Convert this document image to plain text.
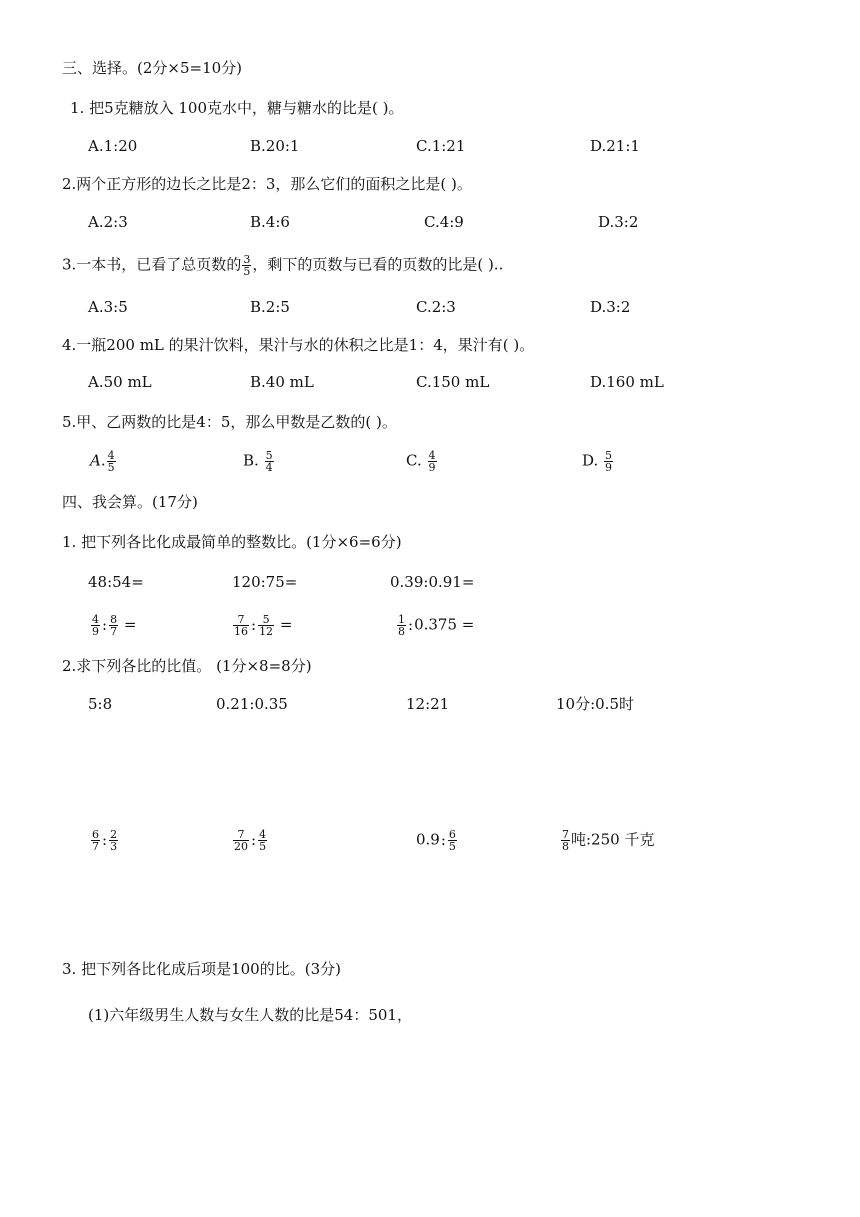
三、选择。(2分×5=10分)
1. 把5克糖放入 100克水中，糖与糖水的比是( )。
A.1:20	B.20:1	C.1:21	D.21:1
2.两个正方形的边长之比是2：3，那么它们的面积之比是( )。
A.2:3	B.4:6	C.4:9	D.3:2
3.一本书，已看了总页数的 $\frac{3}{5}$ ，剩下的页数与已看的页数的比是( )..
A.3:5	B.2:5	C.2:3	D.3:2
4.一瓶200 mL 的果汁饮料，果汁与水的休积之比是1：4，果汁有( )。
A.50 mL	B.40 mL	C.150 mL	D.160 mL
5.甲、乙两数的比是4：5，那么甲数是乙数的( )。
A. $\frac{4}{5}$	B. $\frac{5}{4}$	C. $\frac{4}{9}$	D. $\frac{5}{9}$
四、我会算。(17分)
1. 把下列各比化成最简单的整数比。(1分×6=6分)
48:54=	120:75=	0.39:0.91=
$\frac{4}{9}$ : $\frac{8}{7}$ =	$\frac{7}{16}$ : $\frac{5}{12}$ =	$\frac{1}{8}$ :0.375 =
2.求下列各比的比值。 (1分×8=8分)
5:8	0.21:0.35	12:21	10分:0.5时
$\frac{6}{7}$ : $\frac{2}{3}$	$\frac{7}{20}$ : $\frac{4}{5}$	0.9: $\frac{6}{5}$	$\frac{7}{8}$ 吨:250 千克
3. 把下列各比化成后项是100的比。(3分)
(1)六年级男生人数与女生人数的比是54：501，
